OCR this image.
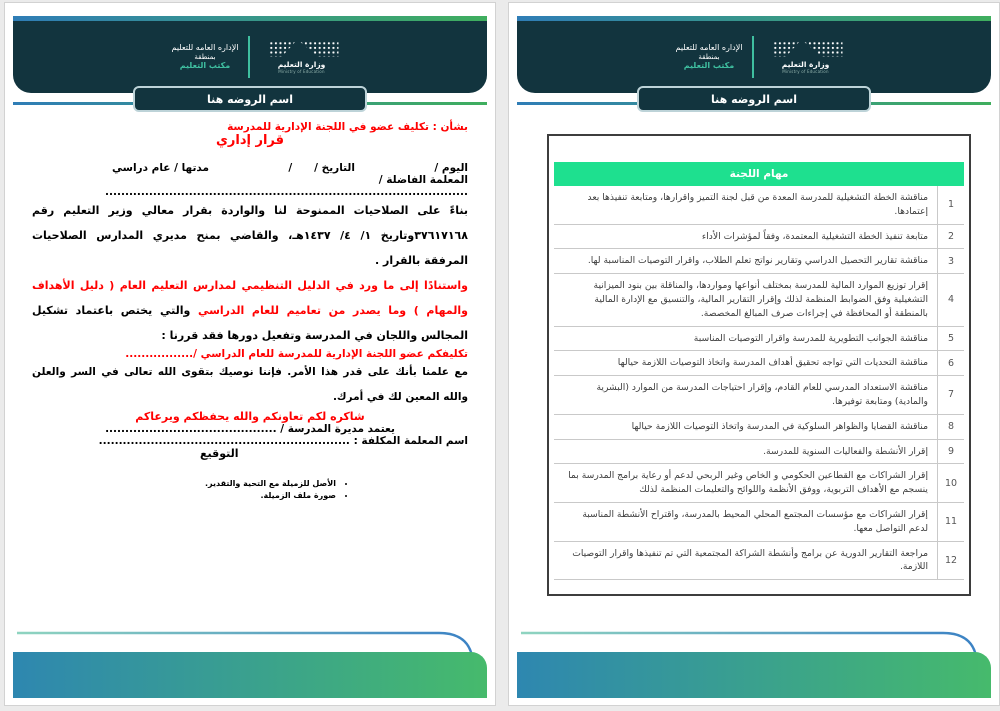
الإداره العامه للتعليم
بمنطقة
مكتب التعليم	وزارة التعليم
Ministry of Education
اسم الروضه هنا

بشأن : تكليف عضو في اللجنة الإدارية للمدرسة

قرار إداري

اليوم /
التاريخ /      /
مدتها / عام دراسي

المعلمة الفاضلة / ...........................................................................................

بناءً على الصلاحيات الممنوحة لنا والواردة بقرار معالي وزير التعليم رقم ٣٧٦١٧١٦٨وتاريخ ١/ ٤/ ١٤٣٧هـ، والقاضي بمنح مديري المدارس الصلاحيات المرفقة بالقرار .

واستنادًا إلى ما ورد في الدليل التنظيمي لمدارس التعليم العام ( دليل الأهداف والمهام ) وما يصدر من تعاميم للعام الدراسي والتي يختص باعتماد تشكيل المجالس واللجان في المدرسة وتفعيل دورها فقد قررنا :

تكليفكم عضو اللجنة الإدارية للمدرسة للعام الدراسي /.................

مع علمنا بأنك على قدر هذا الأمر. فإننا نوصيك بتقوى الله تعالى في السر والعلن والله المعين لك في أمرك.

شاكره لكم تعاونكم والله يحفظكم ويرعاكم

يعتمد مديرة المدرسة / ...........................................

اسم المعلمة المكلفة : ...............................................................

التوقيع

• الأصل للزميلة مع التحية والتقدير.
• صورة ملف الزميلة.
الإداره العامه للتعليم
بمنطقة
مكتب التعليم	وزارة التعليم
Ministry of Education
اسم الروضه هنا
مهام اللجنة
1
مناقشة الخطة التشغيلية للمدرسة المعدة من قبل لجنة التميز واقرارها، ومتابعة تنفيذها بعد إعتمادها.
2
متابعة تنفيذ الخطة التشغيلية المعتمدة، وفقاً لمؤشرات الأداء
3
مناقشة تقارير التحصيل الدراسي وتقارير نواتج تعلم الطلاب، واقرار التوصيات المناسبة لها.
4
إقرار توزيع الموارد المالية للمدرسة بمختلف أنواعها ومواردها، والمناقلة بين بنود الميزانية التشغيلية وفق الضوابط المنظمة لذلك وإقرار التقارير المالية، والتنسيق مع الإدارة المالية بالمنطقة أو المحافظة في إجراءات صرف المبالغ المخصصة.
5
مناقشة الجوانب التطويرية للمدرسة واقرار التوصيات المناسبة
6
مناقشة التحديات التي تواجه تحقيق أهداف المدرسة واتخاذ التوصيات اللازمة حيالها
7
مناقشة الاستعداد المدرسي للعام القادم، وإقرار احتياجات المدرسة من الموارد (البشرية والمادية) ومتابعة توفيرها.
8
مناقشة القضايا والظواهر السلوكية في المدرسة واتخاذ التوصيات اللازمة حيالها
9
إقرار الأنشطة والفعاليات السنوية للمدرسة.
10
إقرار الشراكات مع القطاعين الحكومي و الخاص وغير الربحي لدعم أو رعاية برامج المدرسة بما ينسجم مع الأهداف التربوية، ووفق الأنظمة واللوائح والتعليمات المنظمة لذلك
11
إقرار الشراكات مع مؤسسات المجتمع المحلي المحيط بالمدرسة، واقتراح الأنشطة المناسبة لدعم التواصل معها.
12
مراجعة التقارير الدورية عن برامج وأنشطة الشراكة المجتمعية التي تم تنفيذها واقرار التوصيات اللازمة.
